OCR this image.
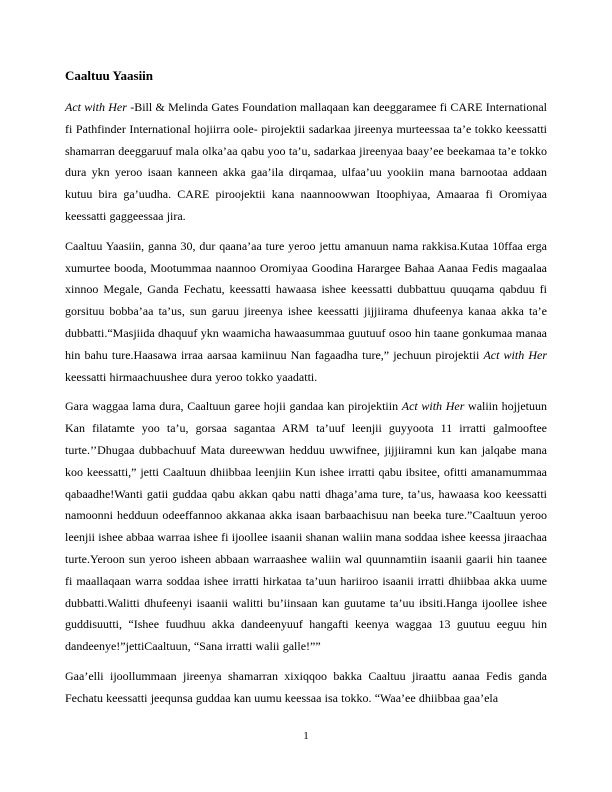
Caaltuu Yaasiin

Act with Her -Bill & Melinda Gates Foundation mallaqaan kan deeggaramee fi CARE International fi Pathfinder International hojiirra oole- pirojektii sadarkaa jireenya murteessaa ta’e tokko keessatti shamarran deeggaruuf mala olka’aa qabu yoo ta’u, sadarkaa jireenyaa baay’ee beekamaa ta’e tokko dura ykn yeroo isaan kanneen akka gaa’ila dirqamaa, ulfaa’uu yookiin mana barnootaa addaan kutuu bira ga’uudha. CARE piroojektii kana naannoowwan Itoophiyaa, Amaaraa fi Oromiyaa keessatti gaggeessaa jira.

Caaltuu Yaasiin, ganna 30, dur qaana’aa ture yeroo jettu amanuun nama rakkisa.Kutaa 10ffaa erga xumurtee booda, Mootummaa naannoo Oromiyaa Goodina Harargee Bahaa Aanaa Fedis magaalaa xinnoo Megale, Ganda Fechatu, keessatti hawaasa ishee keessatti dubbattuu quuqama qabduu fi gorsituu bobba’aa ta’us, sun garuu jireenya ishee keessatti jijjiirama dhufeenya kanaa akka ta’e dubbatti.“Masjiida dhaquuf ykn waamicha hawaasummaa guutuuf osoo hin taane gonkumaa manaa hin bahu ture.Haasawa irraa aarsaa kamiinuu Nan fagaadha ture,” jechuun pirojektii Act with Her keessatti hirmaachuushee dura yeroo tokko yaadatti.

Gara waggaa lama dura, Caaltuun garee hojii gandaa kan pirojektiin Act with Her waliin hojjetuun Kan filatamte yoo ta’u, gorsaa sagantaa ARM ta’uuf leenjii guyyoota 11 irratti galmooftee turte.’’Dhugaa dubbachuuf Mata dureewwan hedduu uwwifnee, jijjiiramni kun kan jalqabe mana koo keessatti,” jetti Caaltuun dhiibbaa leenjiin Kun ishee irratti qabu ibsitee, ofitti amanamummaa qabaadhe!Wanti gatii guddaa qabu akkan qabu natti dhaga’ama ture, ta’us, hawaasa koo keessatti namoonni hedduun odeeffannoo akkanaa akka isaan barbaachisuu nan beeka ture.”Caaltuun yeroo leenjii ishee abbaa warraa ishee fi ijoollee isaanii shanan waliin mana soddaa ishee keessa jiraachaa turte.Yeroon sun yeroo isheen abbaan warraashee waliin wal quunnamtiin isaanii gaarii hin taanee fi maallaqaan warra soddaa ishee irratti hirkataa ta’uun hariiroo isaanii irratti dhiibbaa akka uume dubbatti.Walitti dhufeenyi isaanii walitti bu’iinsaan kan guutame ta’uu ibsiti.Hanga ijoollee ishee guddisuutti, “Ishee fuudhuu akka dandeenyuuf hangafti keenya waggaa 13 guutuu eeguu hin dandeenye!”jettiCaaltuun, “Sana irratti walii galle!””

Gaa’elli ijoollummaan jireenya shamarran xixiqqoo bakka Caaltuu jiraattu aanaa Fedis ganda Fechatu keessatti jeequnsa guddaa kan uumu keessaa isa tokko. “Waa’ee dhiibbaa gaa’ela

1
